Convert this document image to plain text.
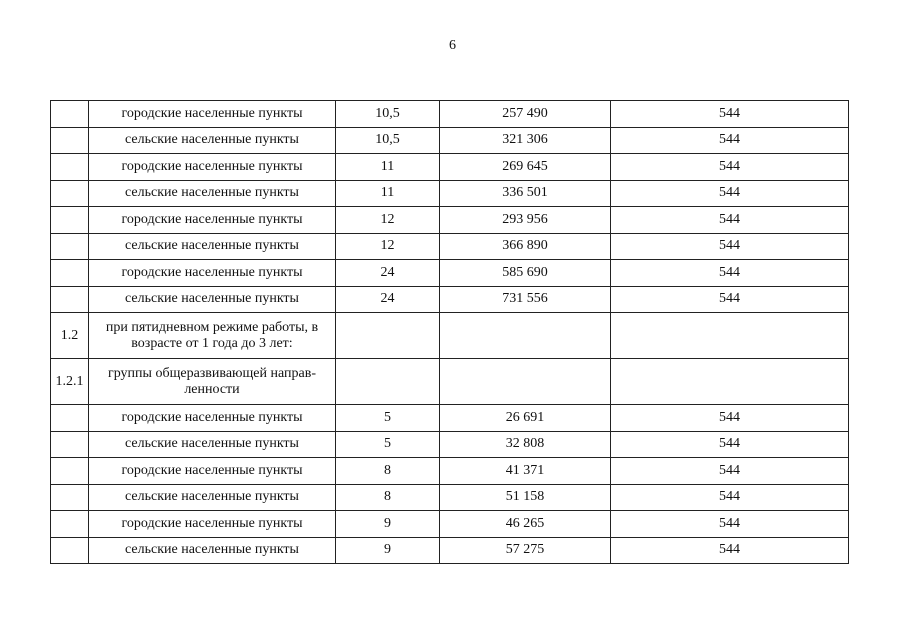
6
	городские населенные пункты	10,5	257 490	544
	сельские населенные пункты	10,5	321 306	544
	городские населенные пункты	11	269 645	544
	сельские населенные пункты	11	336 501	544
	городские населенные пункты	12	293 956	544
	сельские населенные пункты	12	366 890	544
	городские населенные пункты	24	585 690	544
	сельские населенные пункты	24	731 556	544
1.2	при пятидневном режиме работы, в возрасте от 1 года до 3 лет:			
1.2.1	группы общеразвивающей направ-ленности			
	городские населенные пункты	5	26 691	544
	сельские населенные пункты	5	32 808	544
	городские населенные пункты	8	41 371	544
	сельские населенные пункты	8	51 158	544
	городские населенные пункты	9	46 265	544
	сельские населенные пункты	9	57 275	544
